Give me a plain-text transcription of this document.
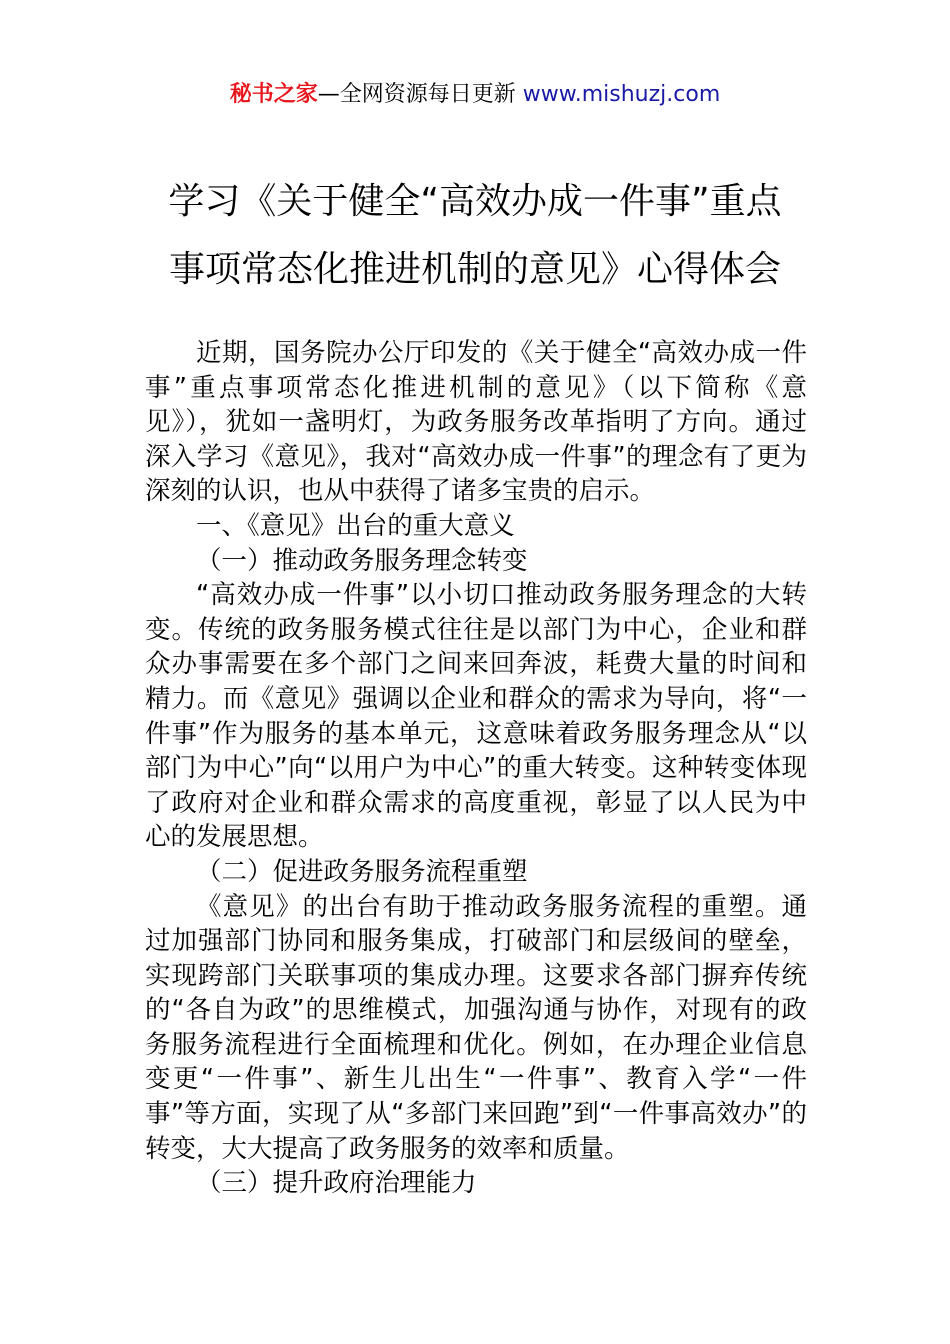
秘书之家—全网资源每日更新 www.mishuzj.com
学习《关于健全“高效办成一件事”重点
事项常态化推进机制的意见》心得体会

近期，国务院办公厅印发的《关于健全“高效办成一件事”重点事项常态化推进机制的意见》（以下简称《意见》），犹如一盏明灯，为政务服务改革指明了方向。通过深入学习《意见》，我对“高效办成一件事”的理念有了更为深刻的认识，也从中获得了诸多宝贵的启示。

一、《意见》出台的重大意义

（一）推动政务服务理念转变

“高效办成一件事”以小切口推动政务服务理念的大转变。传统的政务服务模式往往是以部门为中心，企业和群众办事需要在多个部门之间来回奔波，耗费大量的时间和精力。而《意见》强调以企业和群众的需求为导向，将“一件事”作为服务的基本单元，这意味着政务服务理念从“以部门为中心”向“以用户为中心”的重大转变。这种转变体现了政府对企业和群众需求的高度重视，彰显了以人民为中心的发展思想。

（二）促进政务服务流程重塑

《意见》的出台有助于推动政务服务流程的重塑。通过加强部门协同和服务集成，打破部门和层级间的壁垒，实现跨部门关联事项的集成办理。这要求各部门摒弃传统的“各自为政”的思维模式，加强沟通与协作，对现有的政务服务流程进行全面梳理和优化。例如，在办理企业信息变更“一件事”、新生儿出生“一件事”、教育入学“一件事”等方面，实现了从“多部门来回跑”到“一件事高效办”的转变，大大提高了政务服务的效率和质量。

（三）提升政府治理能力
